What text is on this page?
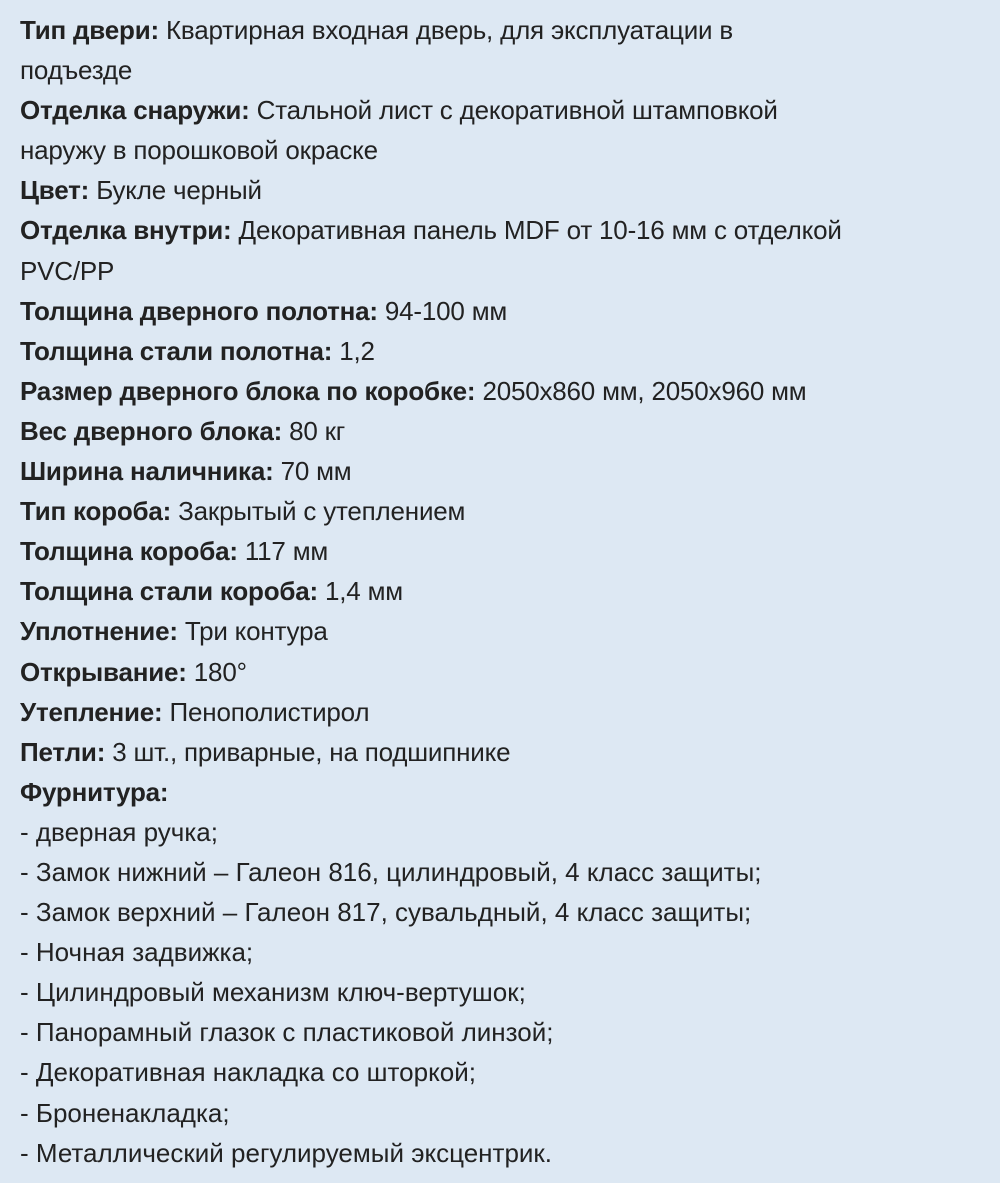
Тип двери: Квартирная входная дверь, для эксплуатации в
подъезде
Отделка снаружи: Стальной лист с декоративной штамповкой
наружу в порошковой окраске
Цвет: Букле черный
Отделка внутри: Декоративная панель MDF от 10-16 мм с отделкой
PVC/PP
Толщина дверного полотна: 94-100 мм
Толщина стали полотна: 1,2
Размер дверного блока по коробке: 2050х860 мм, 2050х960 мм
Вес дверного блока: 80 кг
Ширина наличника: 70 мм
Тип короба: Закрытый с утеплением
Толщина короба: 117 мм
Толщина стали короба: 1,4 мм
Уплотнение: Три контура
Открывание: 180°
Утепление: Пенополистирол
Петли: 3 шт., приварные, на подшипнике
Фурнитура:
- дверная ручка;
- Замок нижний – Галеон 816, цилиндровый, 4 класс защиты;
- Замок верхний – Галеон 817, сувальдный, 4 класс защиты;
- Ночная задвижка;
- Цилиндровый механизм ключ-вертушок;
- Панорамный глазок с пластиковой линзой;
- Декоративная накладка со шторкой;
- Броненакладка;
- Металлический регулируемый эксцентрик.
